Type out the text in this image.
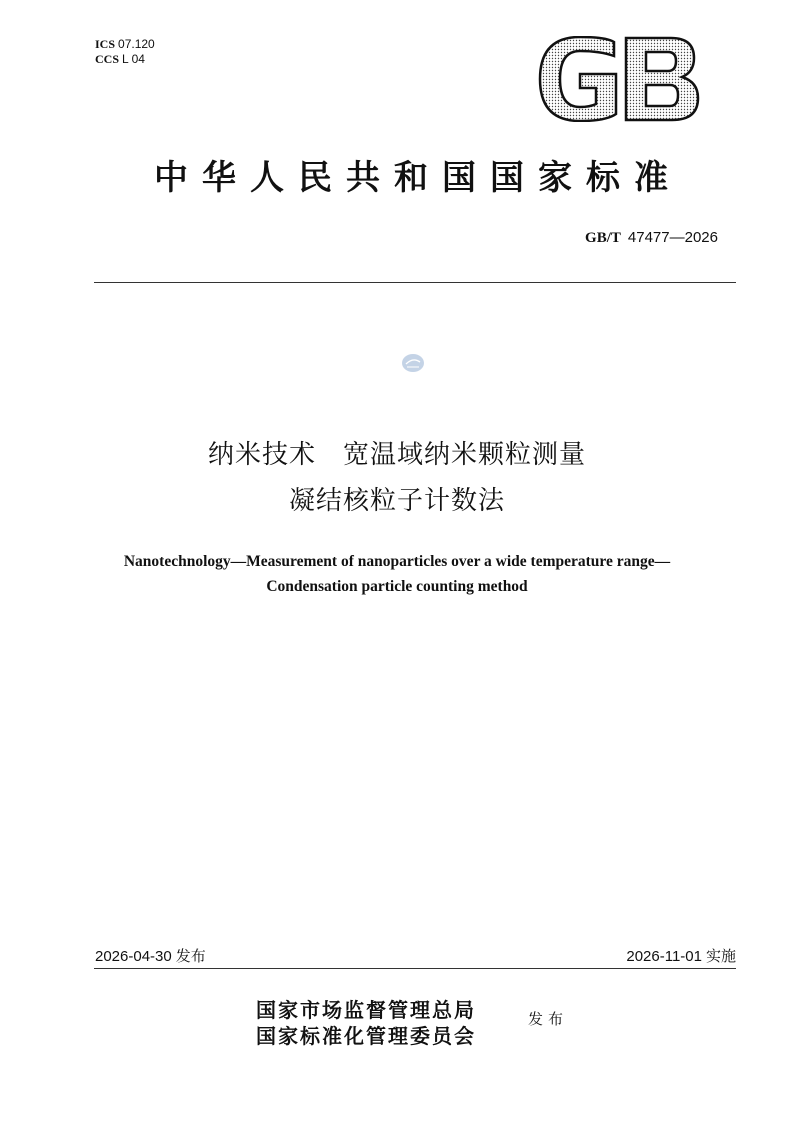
ICS 07.120
CCS L 04
中华人民共和国国家标准
GB/T 47477—2026
纳米技术　宽温域纳米颗粒测量
凝结核粒子计数法
Nanotechnology—Measurement of nanoparticles over a wide temperature range—
Condensation particle counting method
2026-04-30 发布	2026-11-01 实施
国家市场监督管理总局
国家标准化管理委员会
发布
